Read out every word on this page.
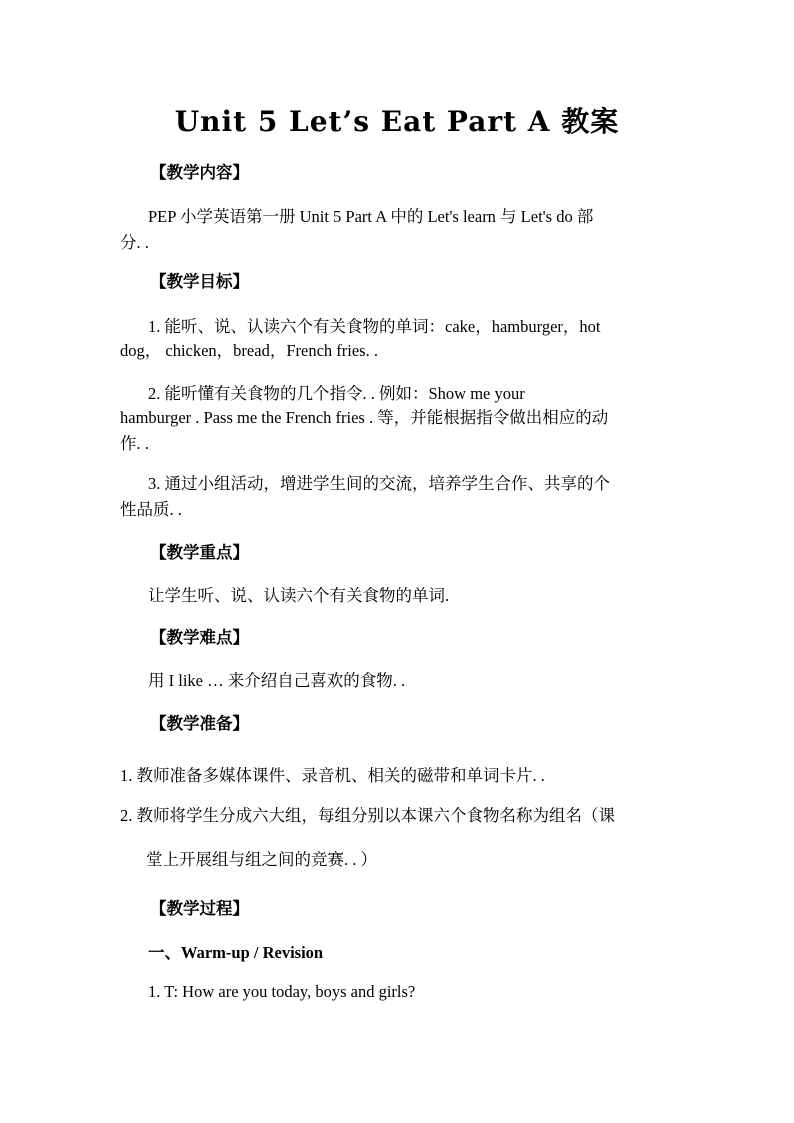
Unit 5 Let’s Eat Part A 教案
【教学内容】
PEP 小学英语第一册 Unit 5 Part A 中的 Let's learn 与 Let's do 部
分. .
【教学目标】
1. 能听、说、认读六个有关食物的单词：cake，hamburger，hot
dog， chicken，bread，French fries. .
2. 能听懂有关食物的几个指令. . 例如：Show me your
hamburger . Pass me the French fries . 等，并能根据指令做出相应的动
作. .
3. 通过小组活动，增进学生间的交流，培养学生合作、共享的个
性品质. .
【教学重点】
让学生听、说、认读六个有关食物的单词.
【教学难点】
用 I like … 来介绍自己喜欢的食物. .
【教学准备】
1. 教师准备多媒体课件、录音机、相关的磁带和单词卡片. .
2. 教师将学生分成六大组，每组分别以本课六个食物名称为组名（课
堂上开展组与组之间的竞赛. . ）
【教学过程】
一、Warm-up / Revision
1. T: How are you today, boys and girls?
